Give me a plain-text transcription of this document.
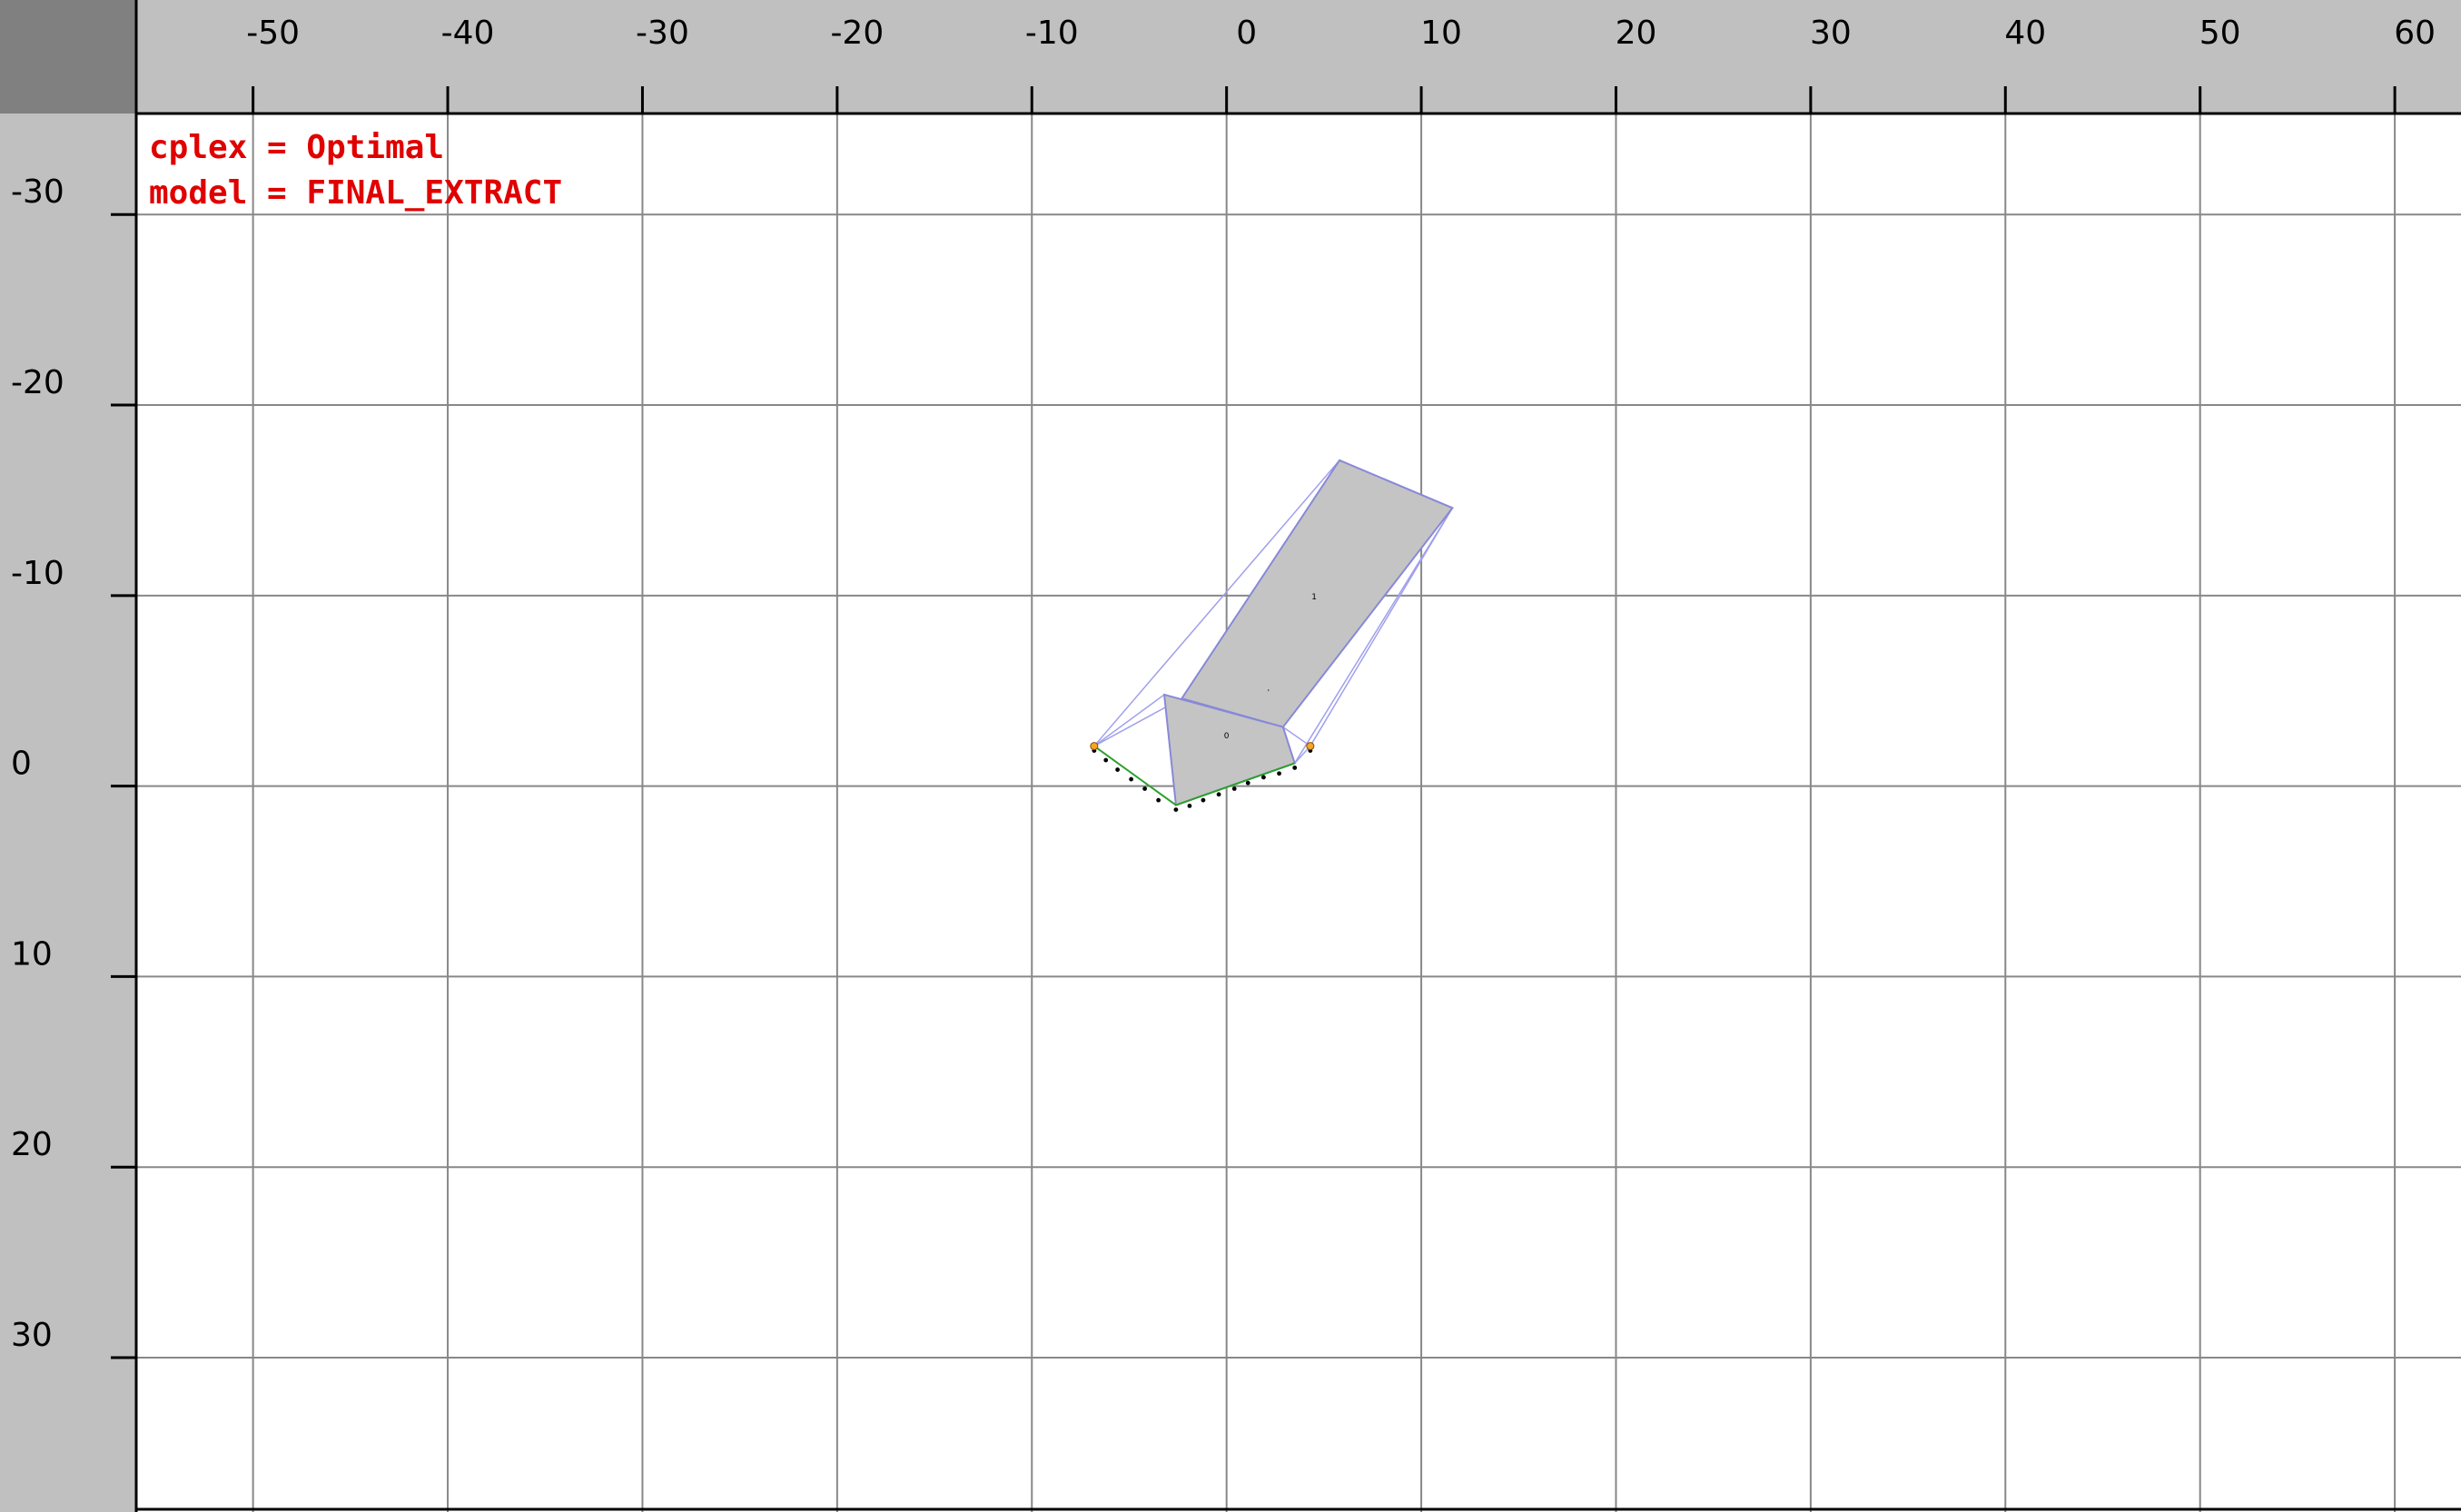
1
0
'
-50	-40	-30	-20	-10	0	10	20	30	40	50	60
-30
-20
-10
0
10
20
30
cplex = Optimal
model = FINAL_EXTRACT
